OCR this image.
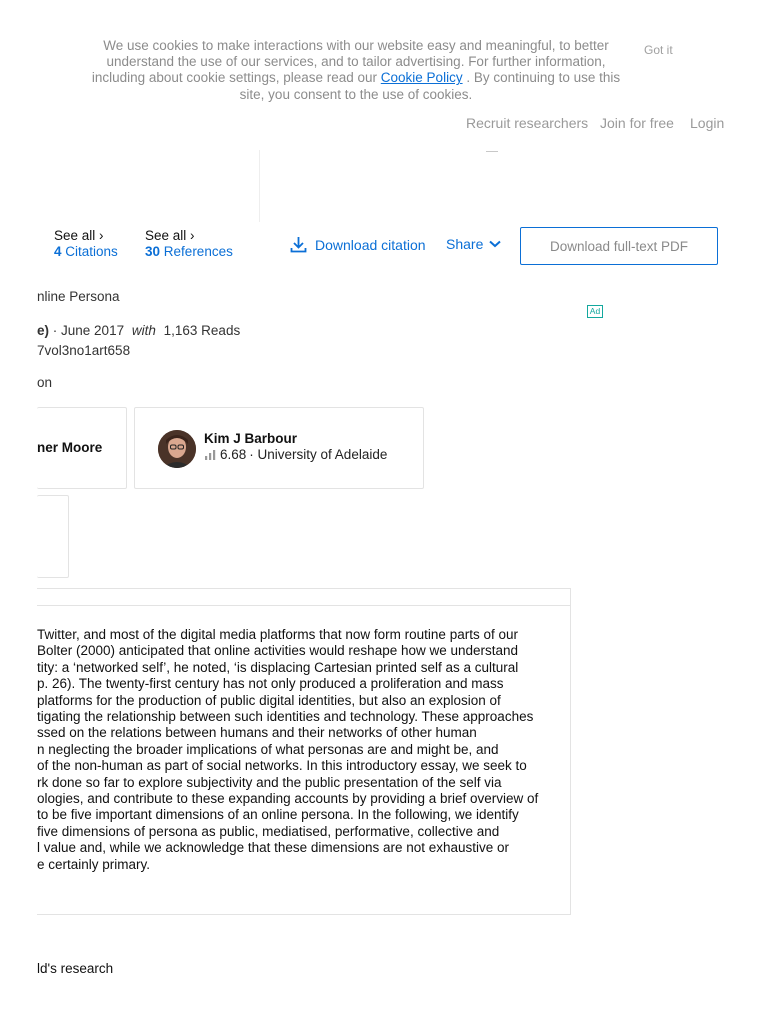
We use cookies to make interactions with our website easy and meaningful, to better understand the use of our services, and to tailor advertising. For further information, including about cookie settings, please read our Cookie Policy . By continuing to use this site, you consent to the use of cookies.
Got it
Recruit researchers Join for free Login
See all ›
4 Citations
See all ›
30 References	Download citation Share	Download full-text PDF
nline Persona
e) · June 2017 with 1,163 Reads
7vol3no1art658
on
Ad
ner Moore
Kim J Barbour
6.68 · University of Adelaide
Twitter, and most of the digital media platforms that now form routine parts of our
Bolter (2000) anticipated that online activities would reshape how we understand
tity: a ‘networked self’, he noted, ‘is displacing Cartesian printed self as a cultural
p. 26). The twenty-first century has not only produced a proliferation and mass
platforms for the production of public digital identities, but also an explosion of
tigating the relationship between such identities and technology. These approaches
ssed on the relations between humans and their networks of other human
n neglecting the broader implications of what personas are and might be, and
of the non-human as part of social networks. In this introductory essay, we seek to
rk done so far to explore subjectivity and the public presentation of the self via
ologies, and contribute to these expanding accounts by providing a brief overview of
to be five important dimensions of an online persona. In the following, we identify
five dimensions of persona as public, mediatised, performative, collective and
l value and, while we acknowledge that these dimensions are not exhaustive or
e certainly primary.
ld's research
